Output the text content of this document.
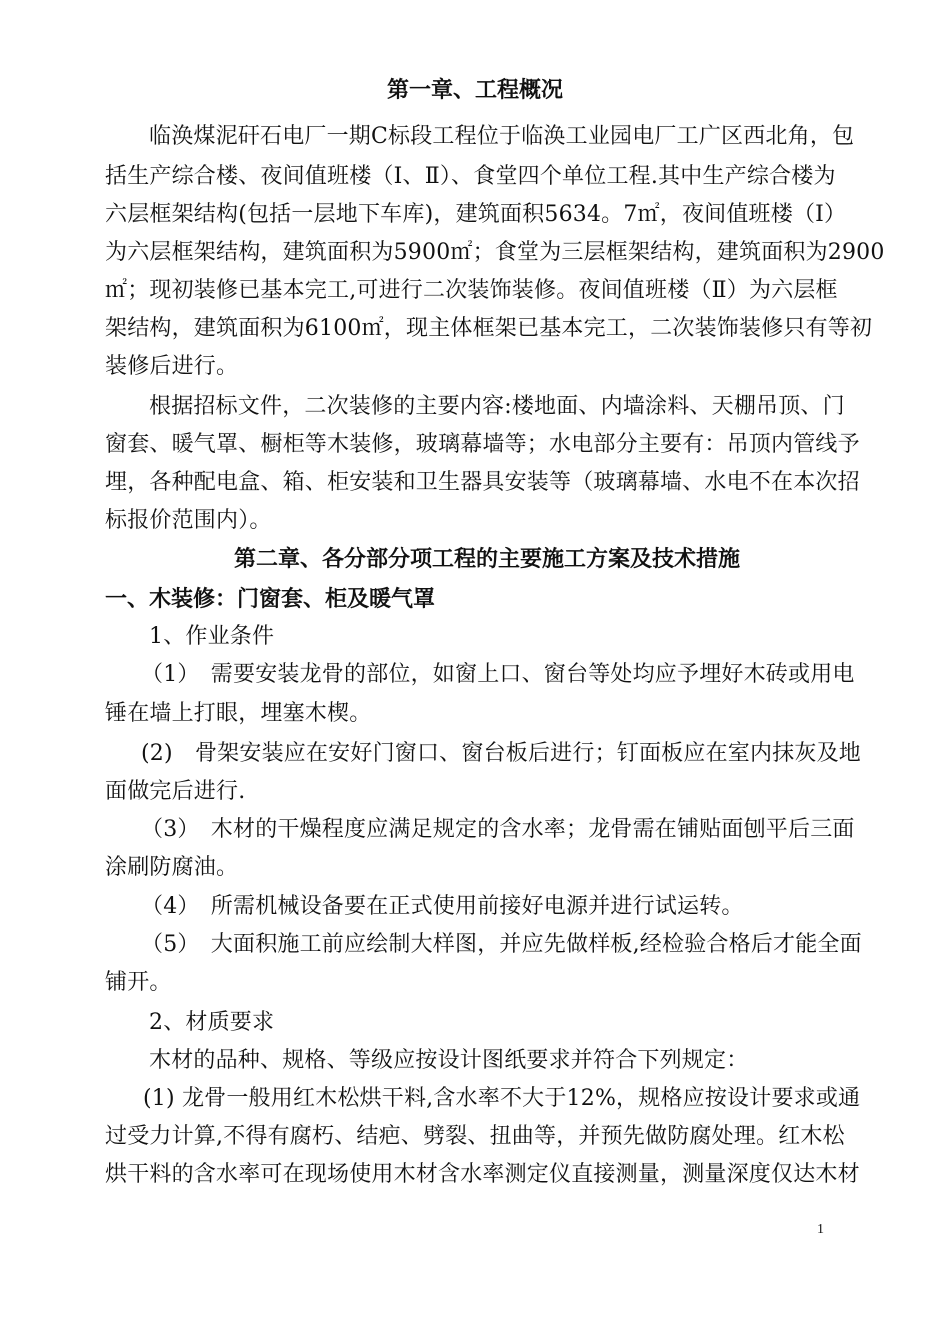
第一章、工程概况
临涣煤泥矸石电厂一期C标段工程位于临涣工业园电厂工广区西北角，包
括生产综合楼、夜间值班楼（Ⅰ、Ⅱ）、食堂四个单位工程.其中生产综合楼为
六层框架结构(包括一层地下车库)，建筑面积5634。7㎡，夜间值班楼（Ⅰ）
为六层框架结构，建筑面积为5900㎡；食堂为三层框架结构，建筑面积为2900
㎡；现初装修已基本完工,可进行二次装饰装修。夜间值班楼（Ⅱ）为六层框
架结构，建筑面积为6100㎡，现主体框架已基本完工，二次装饰装修只有等初
装修后进行。
根据招标文件，二次装修的主要内容:楼地面、内墙涂料、天棚吊顶、门
窗套、暖气罩、橱柜等木装修，玻璃幕墙等；水电部分主要有：吊顶内管线予
埋，各种配电盒、箱、柜安装和卫生器具安装等（玻璃幕墙、水电不在本次招
标报价范围内）。
第二章、各分部分项工程的主要施工方案及技术措施
一、木装修：门窗套、柜及暖气罩
1、作业条件
（1）　需要安装龙骨的部位，如窗上口、窗台等处均应予埋好木砖或用电
锤在墙上打眼，埋塞木楔。
(2)　骨架安装应在安好门窗口、窗台板后进行；钉面板应在室内抹灰及地
面做完后进行.
（3）　木材的干燥程度应满足规定的含水率；龙骨需在铺贴面刨平后三面
涂刷防腐油。
（4）　所需机械设备要在正式使用前接好电源并进行试运转。
（5）　大面积施工前应绘制大样图，并应先做样板,经检验合格后才能全面
铺开。
2、材质要求
木材的品种、规格、等级应按设计图纸要求并符合下列规定：
(1) 龙骨一般用红木松烘干料,含水率不大于12%，规格应按设计要求或通
过受力计算,不得有腐朽、结疤、劈裂、扭曲等，并预先做防腐处理。红木松
烘干料的含水率可在现场使用木材含水率测定仪直接测量，测量深度仅达木材
1
